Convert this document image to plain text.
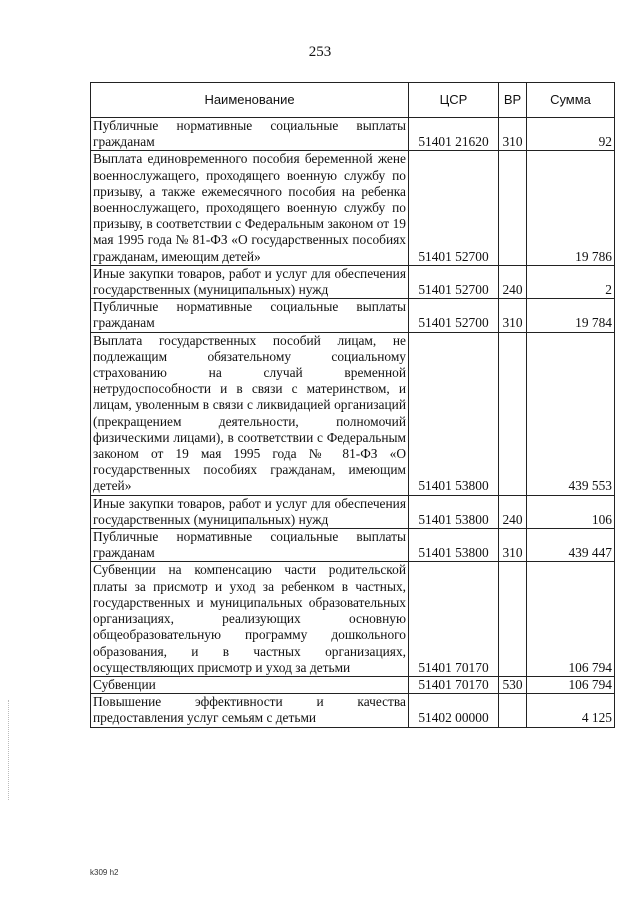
253
Наименование	ЦСР	ВР	Сумма
Публичные нормативные социальные выплаты гражданам	51401 21620	310	92
Выплата единовременного пособия беременной жене военнослужащего, проходящего военную службу по призыву, а также ежемесячного пособия на ребенка военнослужащего, проходящего военную службу по призыву, в соответствии с Федеральным законом от 19 мая 1995 года № 81-ФЗ «О государственных пособиях гражданам, имеющим детей»	51401 52700		19 786
Иные закупки товаров, работ и услуг для обеспечения государственных (муниципальных) нужд	51401 52700	240	2
Публичные нормативные социальные выплаты гражданам	51401 52700	310	19 784
Выплата государственных пособий лицам, не подлежащим обязательному социальному страхованию на случай временной нетрудоспособности и в связи с материнством, и лицам, уволенным в связи с ликвидацией организаций (прекращением деятельности, полномочий физическими лицами), в соответствии с Федеральным законом от 19 мая 1995 года № 81-ФЗ «О государственных пособиях гражданам, имеющим детей»	51401 53800		439 553
Иные закупки товаров, работ и услуг для обеспечения государственных (муниципальных) нужд	51401 53800	240	106
Публичные нормативные социальные выплаты гражданам	51401 53800	310	439 447
Субвенции на компенсацию части родительской платы за присмотр и уход за ребенком в частных, государственных и муниципальных образовательных организациях, реализующих основную общеобразовательную программу дошкольного образования, и в частных организациях, осуществляющих присмотр и уход за детьми	51401 70170		106 794
Субвенции	51401 70170	530	106 794
Повышение эффективности и качества предоставления услуг семьям с детьми	51402 00000		4 125
k309 h2
